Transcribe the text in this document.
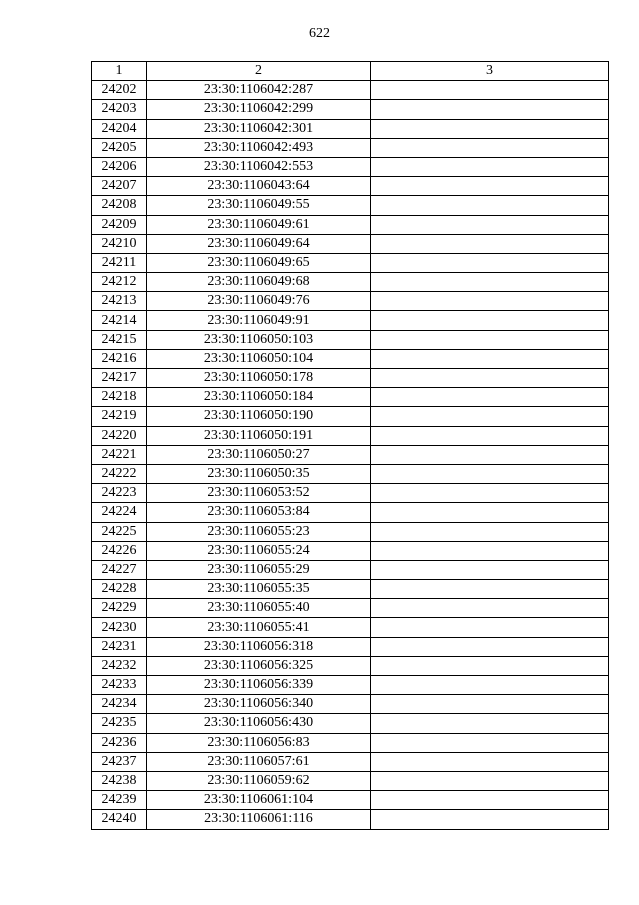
622
1	2	3
24202	23:30:1106042:287	
24203	23:30:1106042:299	
24204	23:30:1106042:301	
24205	23:30:1106042:493	
24206	23:30:1106042:553	
24207	23:30:1106043:64	
24208	23:30:1106049:55	
24209	23:30:1106049:61	
24210	23:30:1106049:64	
24211	23:30:1106049:65	
24212	23:30:1106049:68	
24213	23:30:1106049:76	
24214	23:30:1106049:91	
24215	23:30:1106050:103	
24216	23:30:1106050:104	
24217	23:30:1106050:178	
24218	23:30:1106050:184	
24219	23:30:1106050:190	
24220	23:30:1106050:191	
24221	23:30:1106050:27	
24222	23:30:1106050:35	
24223	23:30:1106053:52	
24224	23:30:1106053:84	
24225	23:30:1106055:23	
24226	23:30:1106055:24	
24227	23:30:1106055:29	
24228	23:30:1106055:35	
24229	23:30:1106055:40	
24230	23:30:1106055:41	
24231	23:30:1106056:318	
24232	23:30:1106056:325	
24233	23:30:1106056:339	
24234	23:30:1106056:340	
24235	23:30:1106056:430	
24236	23:30:1106056:83	
24237	23:30:1106057:61	
24238	23:30:1106059:62	
24239	23:30:1106061:104	
24240	23:30:1106061:116	
